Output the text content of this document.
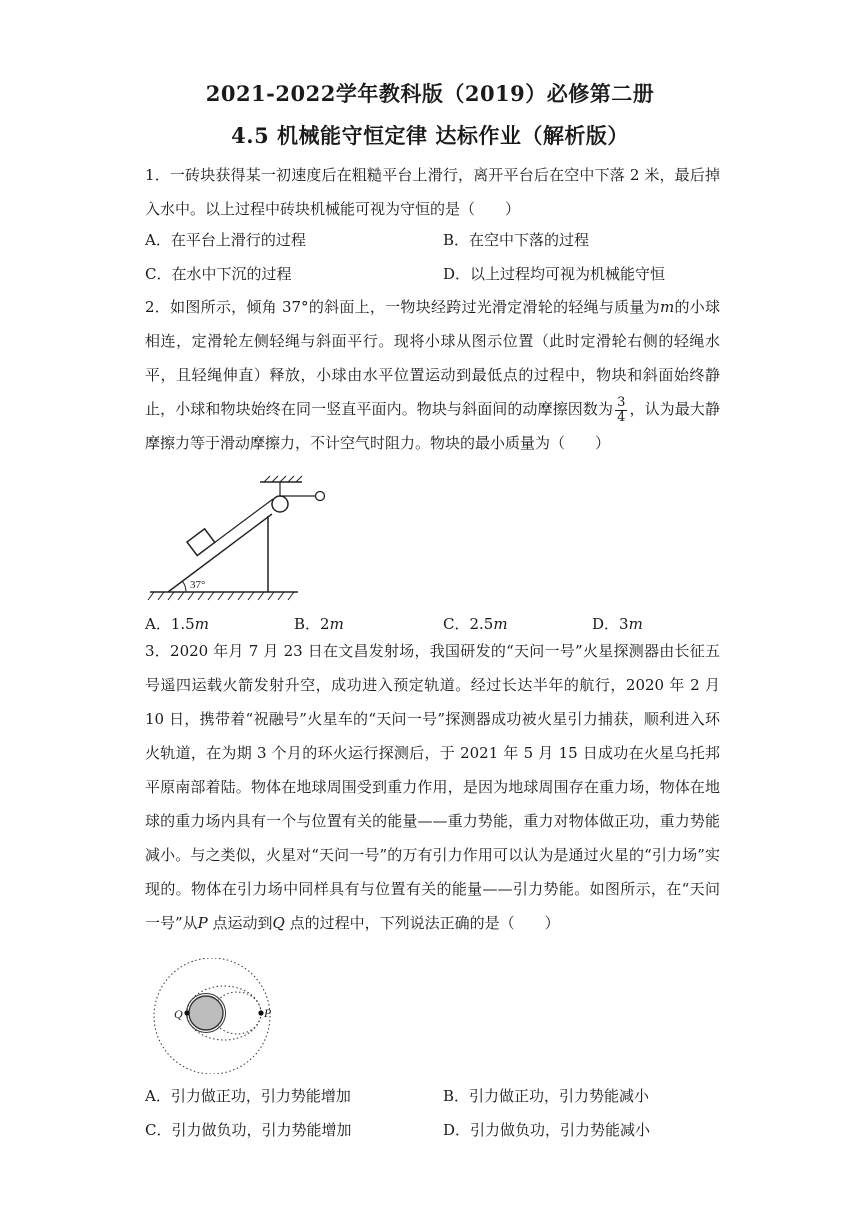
2021-2022学年教科版（2019）必修第二册
4.5 机械能守恒定律 达标作业（解析版）
1．一砖块获得某一初速度后在粗糙平台上滑行，离开平台后在空中下落 2 米，最后掉入水中。以上过程中砖块机械能可视为守恒的是（　　）
A．在平台上滑行的过程	B．在空中下落的过程
C．在水中下沉的过程	D．以上过程均可视为机械能守恒
2．如图所示，倾角 37°的斜面上，一物块经跨过光滑定滑轮的轻绳与质量为m的小球相连，定滑轮左侧轻绳与斜面平行。现将小球从图示位置（此时定滑轮右侧的轻绳水平，且轻绳伸直）释放，小球由水平位置运动到最低点的过程中，物块和斜面始终静止，小球和物块始终在同一竖直平面内。物块与斜面间的动摩擦因数为 $\frac{3}{4}$ ，认为最大静摩擦力等于滑动摩擦力，不计空气时阻力。物块的最小质量为（　　）
37°
A．1.5m	B．2m	C．2.5m	D．3m
3．2020 年月 7 月 23 日在文昌发射场，我国研发的“天问一号”火星探测器由长征五号遥四运载火箭发射升空，成功进入预定轨道。经过长达半年的航行，2020 年 2 月 10 日，携带着“祝融号”火星车的“天问一号”探测器成功被火星引力捕获，顺利进入环火轨道，在为期 3 个月的环火运行探测后，于 2021 年 5 月 15 日成功在火星乌托邦平原南部着陆。物体在地球周围受到重力作用，是因为地球周围存在重力场，物体在地球的重力场内具有一个与位置有关的能量——重力势能，重力对物体做正功，重力势能减小。与之类似，火星对“天问一号”的万有引力作用可以认为是通过火星的“引力场”实现的。物体在引力场中同样具有与位置有关的能量——引力势能。如图所示，在“天问一号”从P 点运动到Q 点的过程中，下列说法正确的是（　　）
Q	P
A．引力做正功，引力势能增加	B．引力做正功，引力势能减小
C．引力做负功，引力势能增加	D．引力做负功，引力势能减小
